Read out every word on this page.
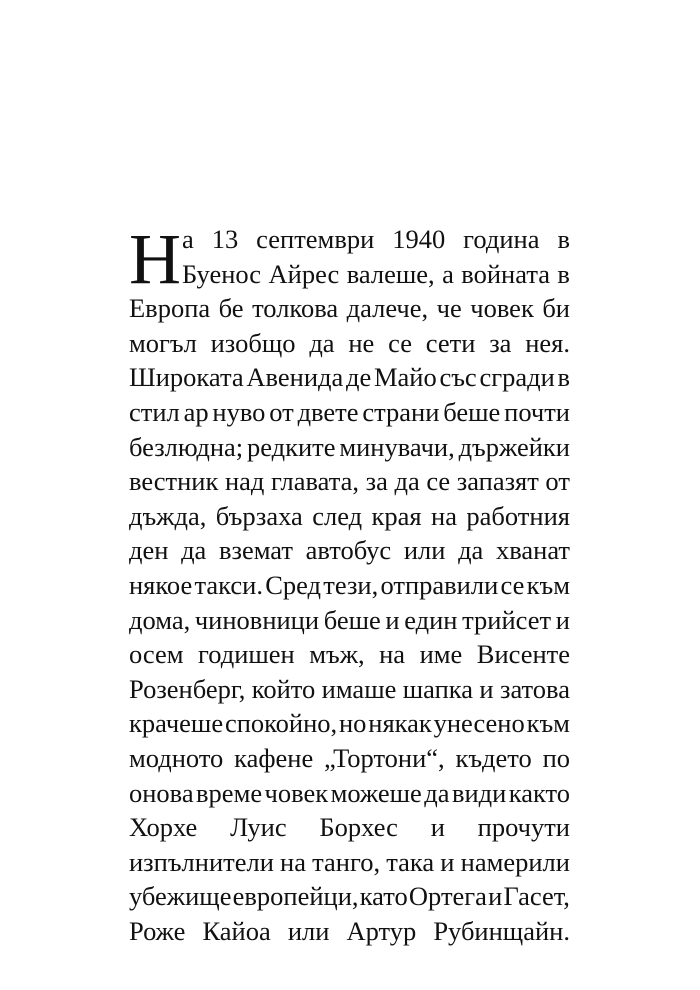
Н а 13 септември 1940 година в
Буенос Айрес валеше, а войната в
Европа бе толкова далече, че човек би
могъл изобщо да не се сети за нея.
Широката Авенида де Майо със сгради в
стил ар нуво от двете страни беше почти
безлюдна; редките минувачи, държейки
вестник над главата, за да се запазят от
дъжда, бързаха след края на работния
ден да вземат автобус или да хванат
някое такси. Сред тези, отправили се към
дома, чиновници беше и един трийсет и
осем годишен мъж, на име Висенте
Розенберг, който имаше шапка и затова
крачеше спокойно, но някак унесено към
модното кафене „Тортони“, където по
онова време човек можеше да види както
Хорхе Луис Борхес и прочути
изпълнители на танго, така и намерили
убежище европейци, като Ортега и Гасет,
Роже Кайоа или Артур Рубинщайн.
